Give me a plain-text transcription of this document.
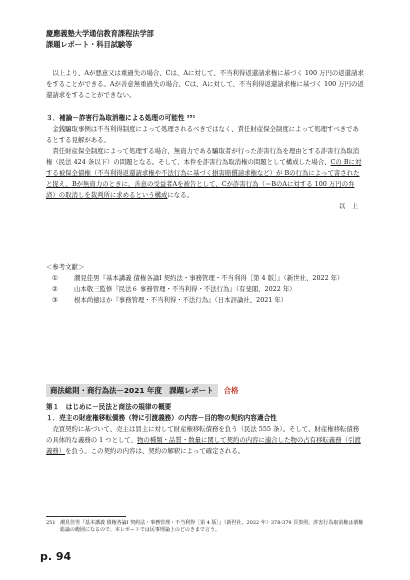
慶應義塾大学通信教育課程法学部
課題レポート・科目試験等

以上より、Aが悪意又は重過失の場合、Cは、Aに対して、不当利得返還請求権に基づく 100 万円の返還請求をすることができる。Aが善意無重過失の場合、Cは、Aに対して、不当利得返還請求権に基づく 100 万円の返還請求をすることができない。

３．補論－詐害行為取消権による処理の可能性 ²⁵¹

金銭騙取事例は不当利得制度によって処理されるべきではなく、責任財産保全制度によって処理すべきであるとする見解がある。

責任財産保全制度によって処理する場合、無資力である騙取者が行った詐害行為を理由とする詐害行為取消権（民法 424 条以下）の問題となる。そして、本件を詐害行為取消権の問題として構成した場合、Cの Bに対する被保全債権（不当利得返還請求権や不法行為に基づく損害賠償請求権など）が Bの行為によって害されたと捉え、Bが無資力のときに、善意の受益者Aを被告として、Cが詐害行為（＝BのAに対する 100 万円の弁済）の取消しを裁判所に求めるという構成になる。

以　上
＜参考文献＞
①	潮見佳男『基本講義 債権各論Ⅰ 契約法・事務管理・不当利得［第 4 版］』（新世社、2022 年）
②	山本敬三監修『民法６ 事務管理・不当利得・不法行為』（有斐閣、2022 年）
③	根本尚徳ほか『事務管理・不当利得・不法行為』（日本評論社、2021 年）
商法総則・商行為法－2021 年度　課題レポート	合格
第１　はじめに－民法と商法の規律の概要
１．売主の財産権移転債務（特に引渡義務）の内容－目的物の契約内容適合性

売買契約に基づいて、売主は買主に対して財産権移転債務を負う（民法 555 条）。そして、財産権移転債務の具体的な義務の 1 つとして、物の種類・品質・数量に関して契約の内容に適合した物の占有移転義務（引渡義務）を負う。この契約の内容は、契約の解釈によって確定される。

251 潮見佳男『基本講義 債権各論Ⅰ 契約法・事務管理・不当利得［第 4 版］』（新世社、2022 年）378-379 頁参照。詐害行為取消権は債権総論の範囲になるので、本レポートでは民事理論上のどのきまで言う。
p. 94
